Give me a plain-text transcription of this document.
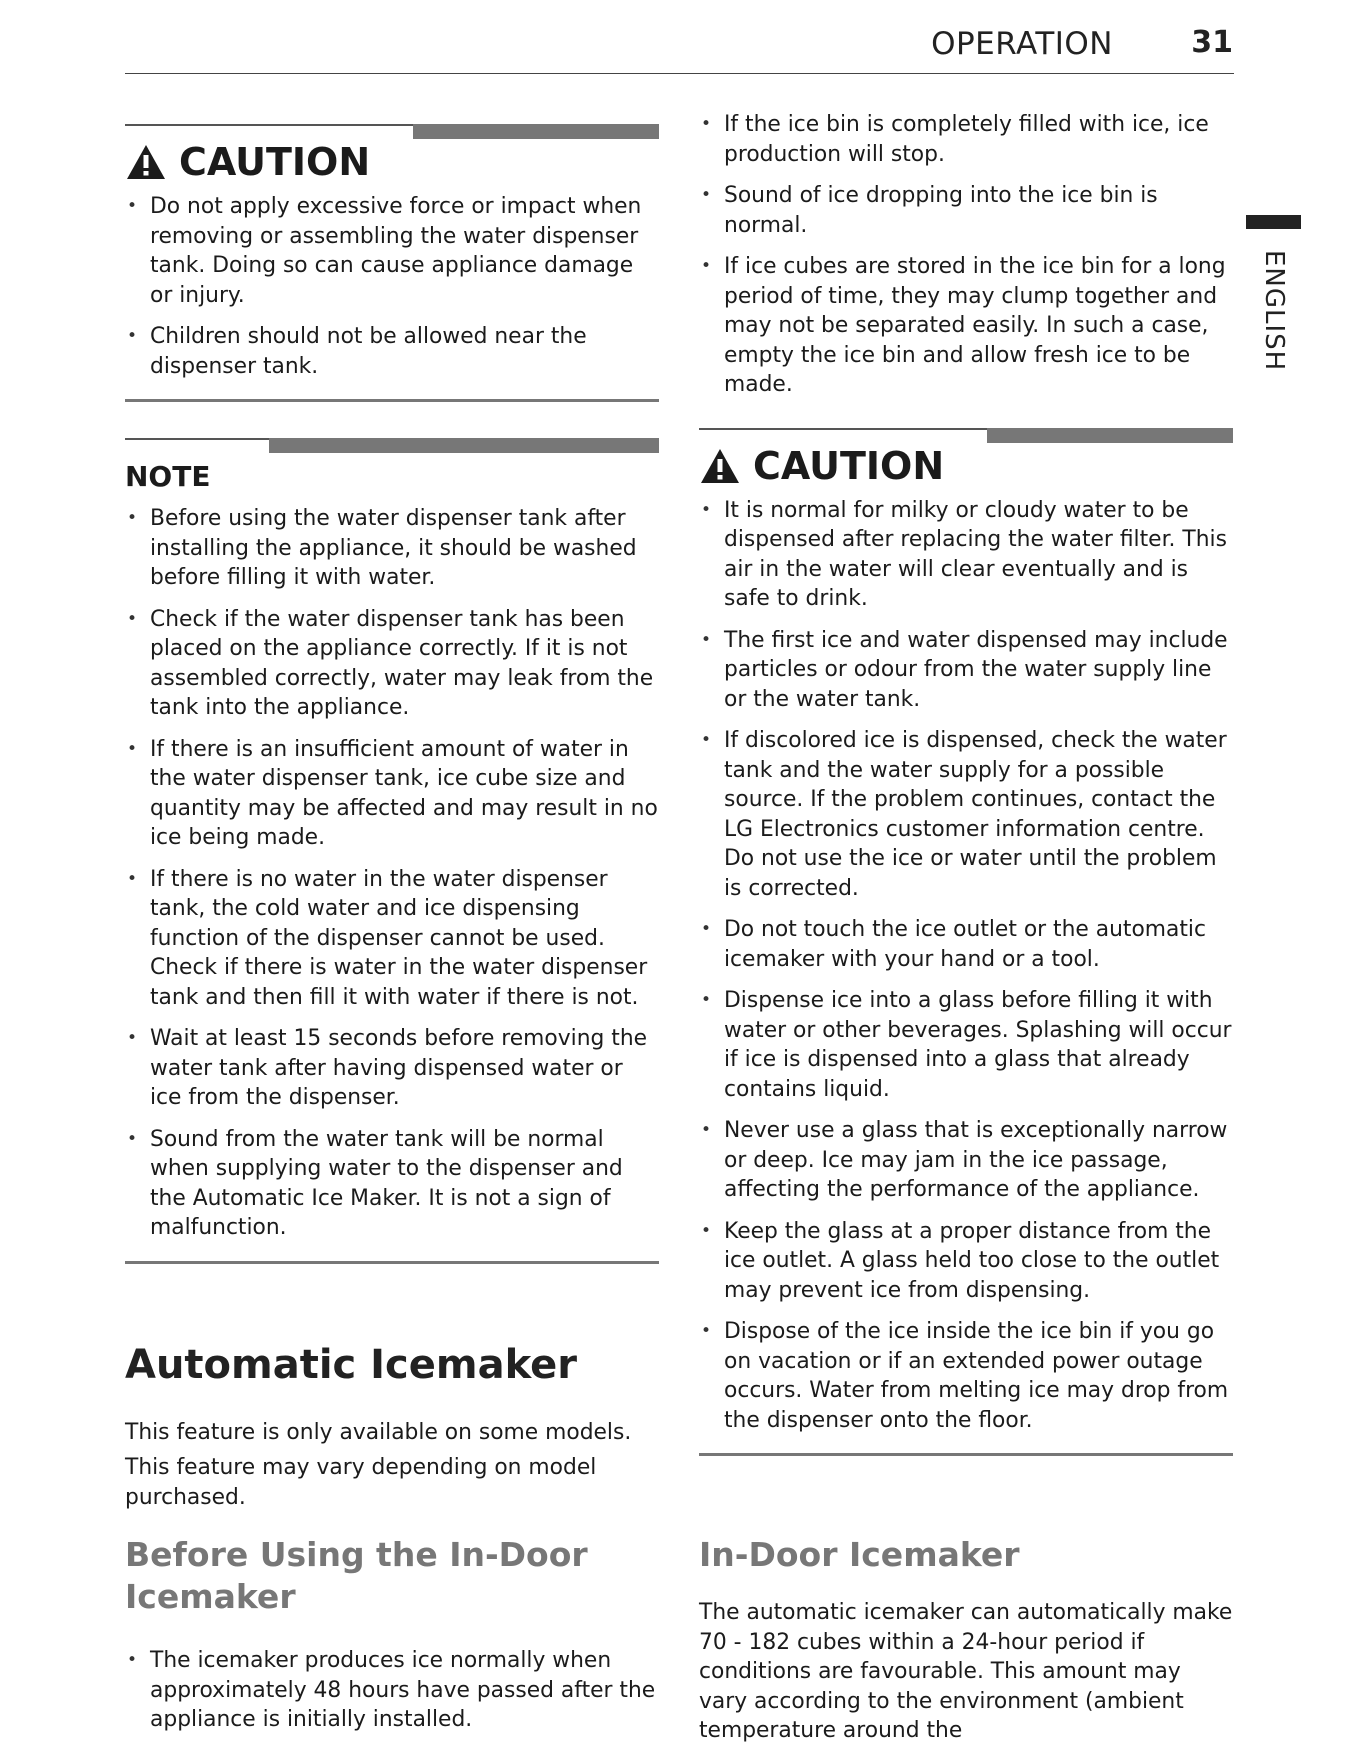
OPERATION	31
ENGLISH
CAUTION
• Do not apply excessive force or impact when removing or assembling the water dispenser tank. Doing so can cause appliance damage or injury.
• Children should not be allowed near the dispenser tank.
NOTE
• Before using the water dispenser tank after installing the appliance, it should be washed before filling it with water.
• Check if the water dispenser tank has been placed on the appliance correctly. If it is not assembled correctly, water may leak from the tank into the appliance.
• If there is an insufficient amount of water in the water dispenser tank, ice cube size and quantity may be affected and may result in no ice being made.
• If there is no water in the water dispenser tank, the cold water and ice dispensing function of the dispenser cannot be used. Check if there is water in the water dispenser tank and then fill it with water if there is not.
• Wait at least 15 seconds before removing the water tank after having dispensed water or ice from the dispenser.
• Sound from the water tank will be normal when supplying water to the dispenser and the Automatic Ice Maker. It is not a sign of malfunction.
Automatic Icemaker

This feature is only available on some models.

This feature may vary depending on model purchased.

Before Using the In-Door Icemaker
• The icemaker produces ice normally when approximately 48 hours have passed after the appliance is initially installed.
• If the ice bin is completely filled with ice, ice production will stop.
• Sound of ice dropping into the ice bin is normal.
• If ice cubes are stored in the ice bin for a long period of time, they may clump together and may not be separated easily. In such a case, empty the ice bin and allow fresh ice to be made.
CAUTION
• It is normal for milky or cloudy water to be dispensed after replacing the water filter. This air in the water will clear eventually and is safe to drink.
• The first ice and water dispensed may include particles or odour from the water supply line or the water tank.
• If discolored ice is dispensed, check the water tank and the water supply for a possible source. If the problem continues, contact the LG Electronics customer information centre. Do not use the ice or water until the problem is corrected.
• Do not touch the ice outlet or the automatic icemaker with your hand or a tool.
• Dispense ice into a glass before filling it with water or other beverages. Splashing will occur if ice is dispensed into a glass that already contains liquid.
• Never use a glass that is exceptionally narrow or deep. Ice may jam in the ice passage, affecting the performance of the appliance.
• Keep the glass at a proper distance from the ice outlet. A glass held too close to the outlet may prevent ice from dispensing.
• Dispose of the ice inside the ice bin if you go on vacation or if an extended power outage occurs. Water from melting ice may drop from the dispenser onto the floor.
In-Door Icemaker

The automatic icemaker can automatically make 70 - 182 cubes within a 24-hour period if conditions are favourable. This amount may vary according to the environment (ambient temperature around the
